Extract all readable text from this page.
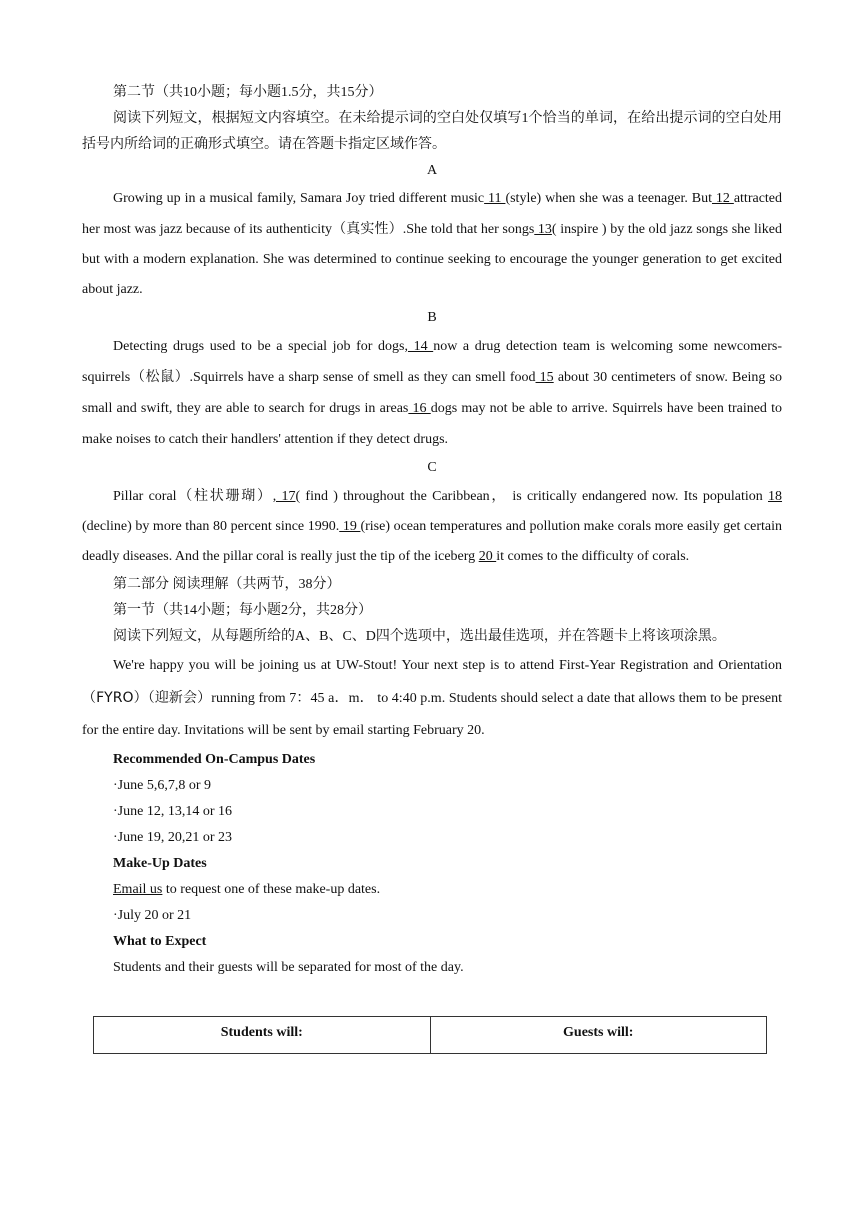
第二节（共10小题；每小题1.5分，共15分）

阅读下列短文，根据短文内容填空。在未给提示词的空白处仅填写1个恰当的单词，在给出提示词的空白处用括号内所给词的正确形式填空。请在答题卡指定区域作答。

A

Growing up in a musical family, Samara Joy tried different music 11 (style) when she was a teenager. But 12 attracted her most was jazz because of its authenticity（真实性）.She told that her songs 13( inspire ) by the old jazz songs she liked but with a modern explanation. She was determined to continue seeking to encourage the younger generation to get excited about jazz.

B

Detecting drugs used to be a special job for dogs, 14 now a drug detection team is welcoming some newcomers-squirrels（松鼠）.Squirrels have a sharp sense of smell as they can smell food 15 about 30 centimeters of snow. Being so small and swift, they are able to search for drugs in areas 16 dogs may not be able to arrive. Squirrels have been trained to make noises to catch their handlers' attention if they detect drugs.

C

Pillar coral（柱状珊瑚）, 17( find ) throughout the Caribbean， is critically endangered now. Its population 18 (decline) by more than 80 percent since 1990. 19 (rise) ocean temperatures and pollution make corals more easily get certain deadly diseases. And the pillar coral is really just the tip of the iceberg 20 it comes to the difficulty of corals.

第二部分 阅读理解（共两节，38分）

第一节（共14小题；每小题2分，共28分）

阅读下列短文，从每题所给的A、B、C、D四个选项中，选出最佳选项，并在答题卡上将该项涂黑。

We're happy you will be joining us at UW-Stout! Your next step is to attend First-Year Registration and Orientation（FYRO）（迎新会）running from 7：45 a．m． to 4:40 p.m. Students should select a date that allows them to be present for the entire day. Invitations will be sent by email starting February 20.

Recommended On-Campus Dates

·June 5,6,7,8 or 9

·June 12, 13,14 or 16

·June 19, 20,21 or 23

Make-Up Dates

Email us to request one of these make-up dates.

·July 20 or 21

What to Expect

Students and their guests will be separated for most of the day.

Students will:	Guests will:
